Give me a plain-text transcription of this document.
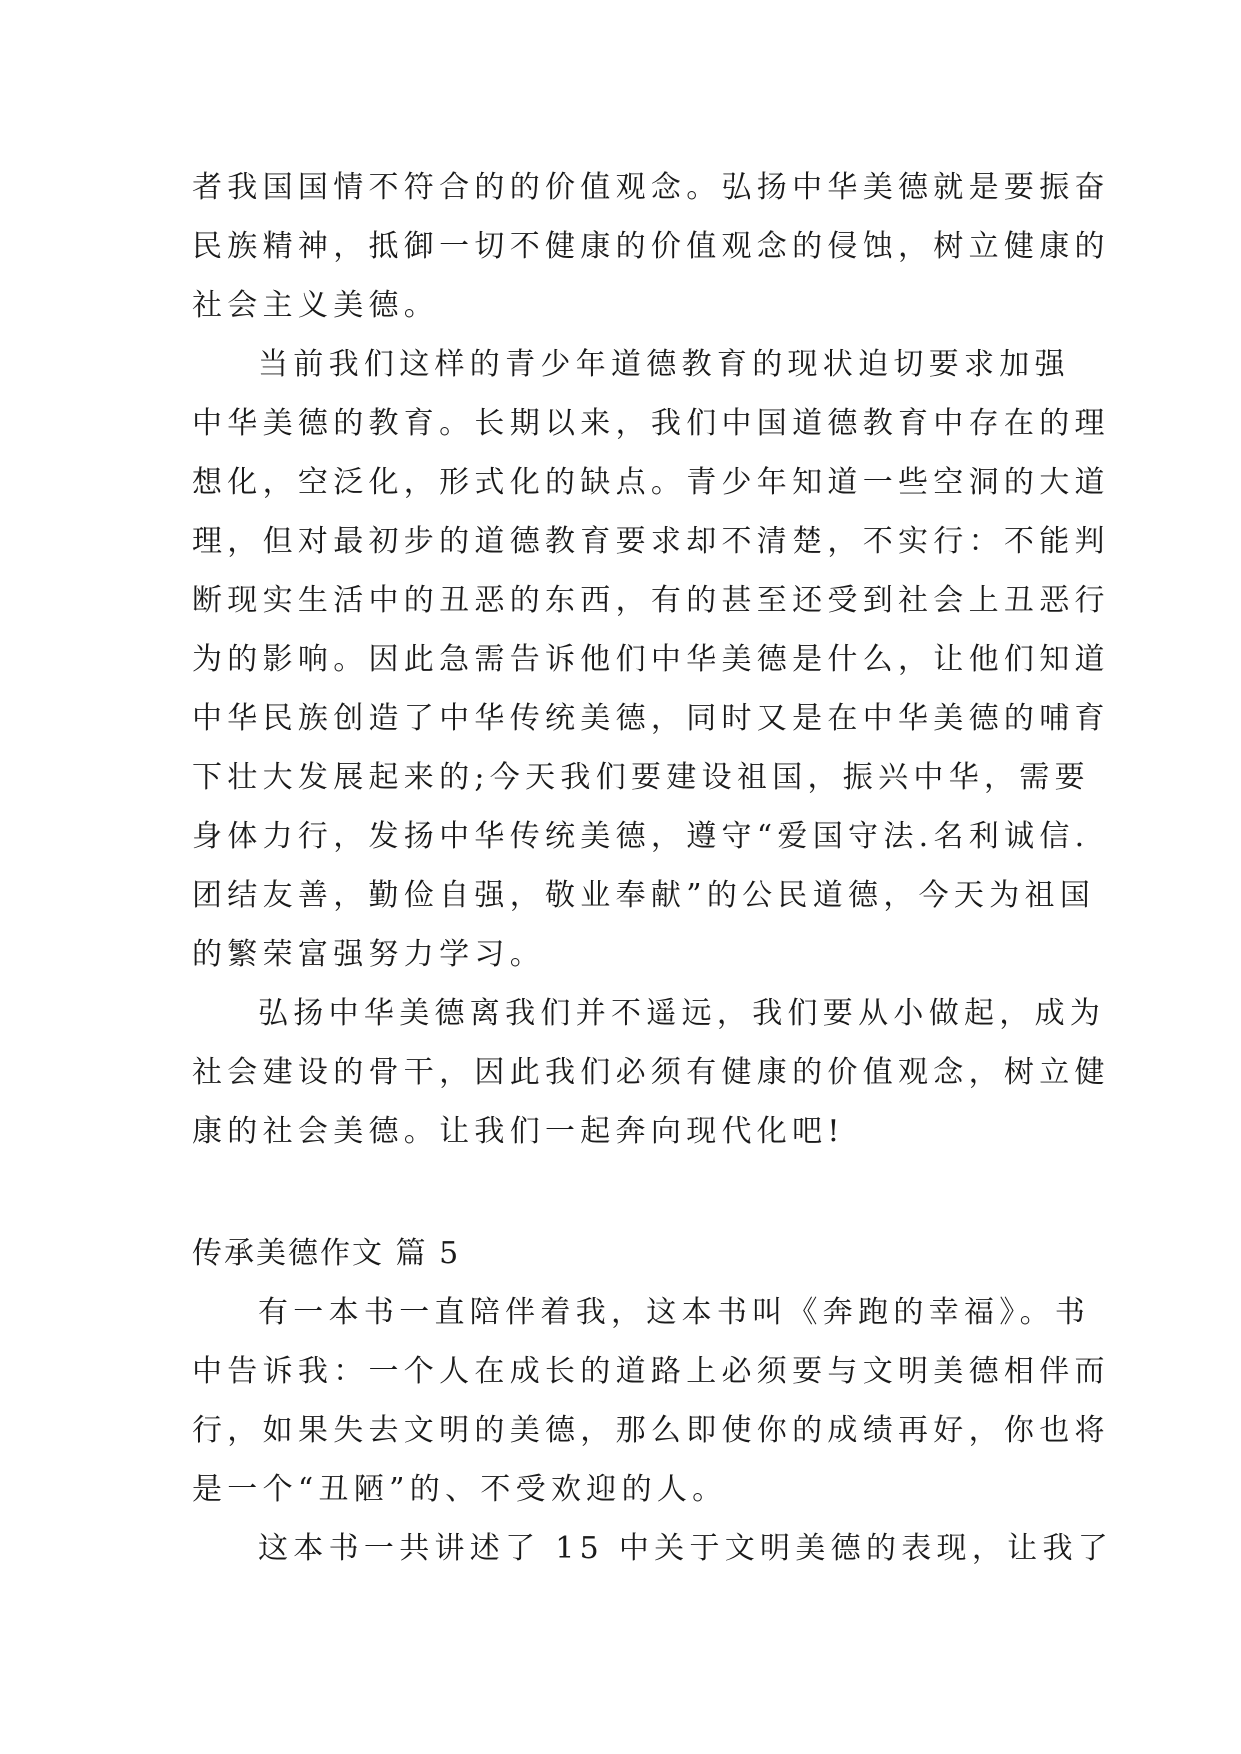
者我国国情不符合的的价值观念。弘扬中华美德就是要振奋
民族精神，抵御一切不健康的价值观念的侵蚀，树立健康的
社会主义美德。
当前我们这样的青少年道德教育的现状迫切要求加强
中华美德的教育。长期以来，我们中国道德教育中存在的理
想化，空泛化，形式化的缺点。青少年知道一些空洞的大道
理，但对最初步的道德教育要求却不清楚，不实行：不能判
断现实生活中的丑恶的东西，有的甚至还受到社会上丑恶行
为的影响。因此急需告诉他们中华美德是什么，让他们知道
中华民族创造了中华传统美德，同时又是在中华美德的哺育
下壮大发展起来的;今天我们要建设祖国，振兴中华，需要
身体力行，发扬中华传统美德，遵守“爱国守法.名利诚信.
团结友善，勤俭自强，敬业奉献”的公民道德，今天为祖国
的繁荣富强努力学习。
弘扬中华美德离我们并不遥远，我们要从小做起，成为
社会建设的骨干，因此我们必须有健康的价值观念，树立健
康的社会美德。让我们一起奔向现代化吧!
传承美德作文 篇 5
有一本书一直陪伴着我，这本书叫《奔跑的幸福》。书
中告诉我：一个人在成长的道路上必须要与文明美德相伴而
行，如果失去文明的美德，那么即使你的成绩再好，你也将
是一个“丑陋”的、不受欢迎的人。
这本书一共讲述了 15 中关于文明美德的表现，让我了
